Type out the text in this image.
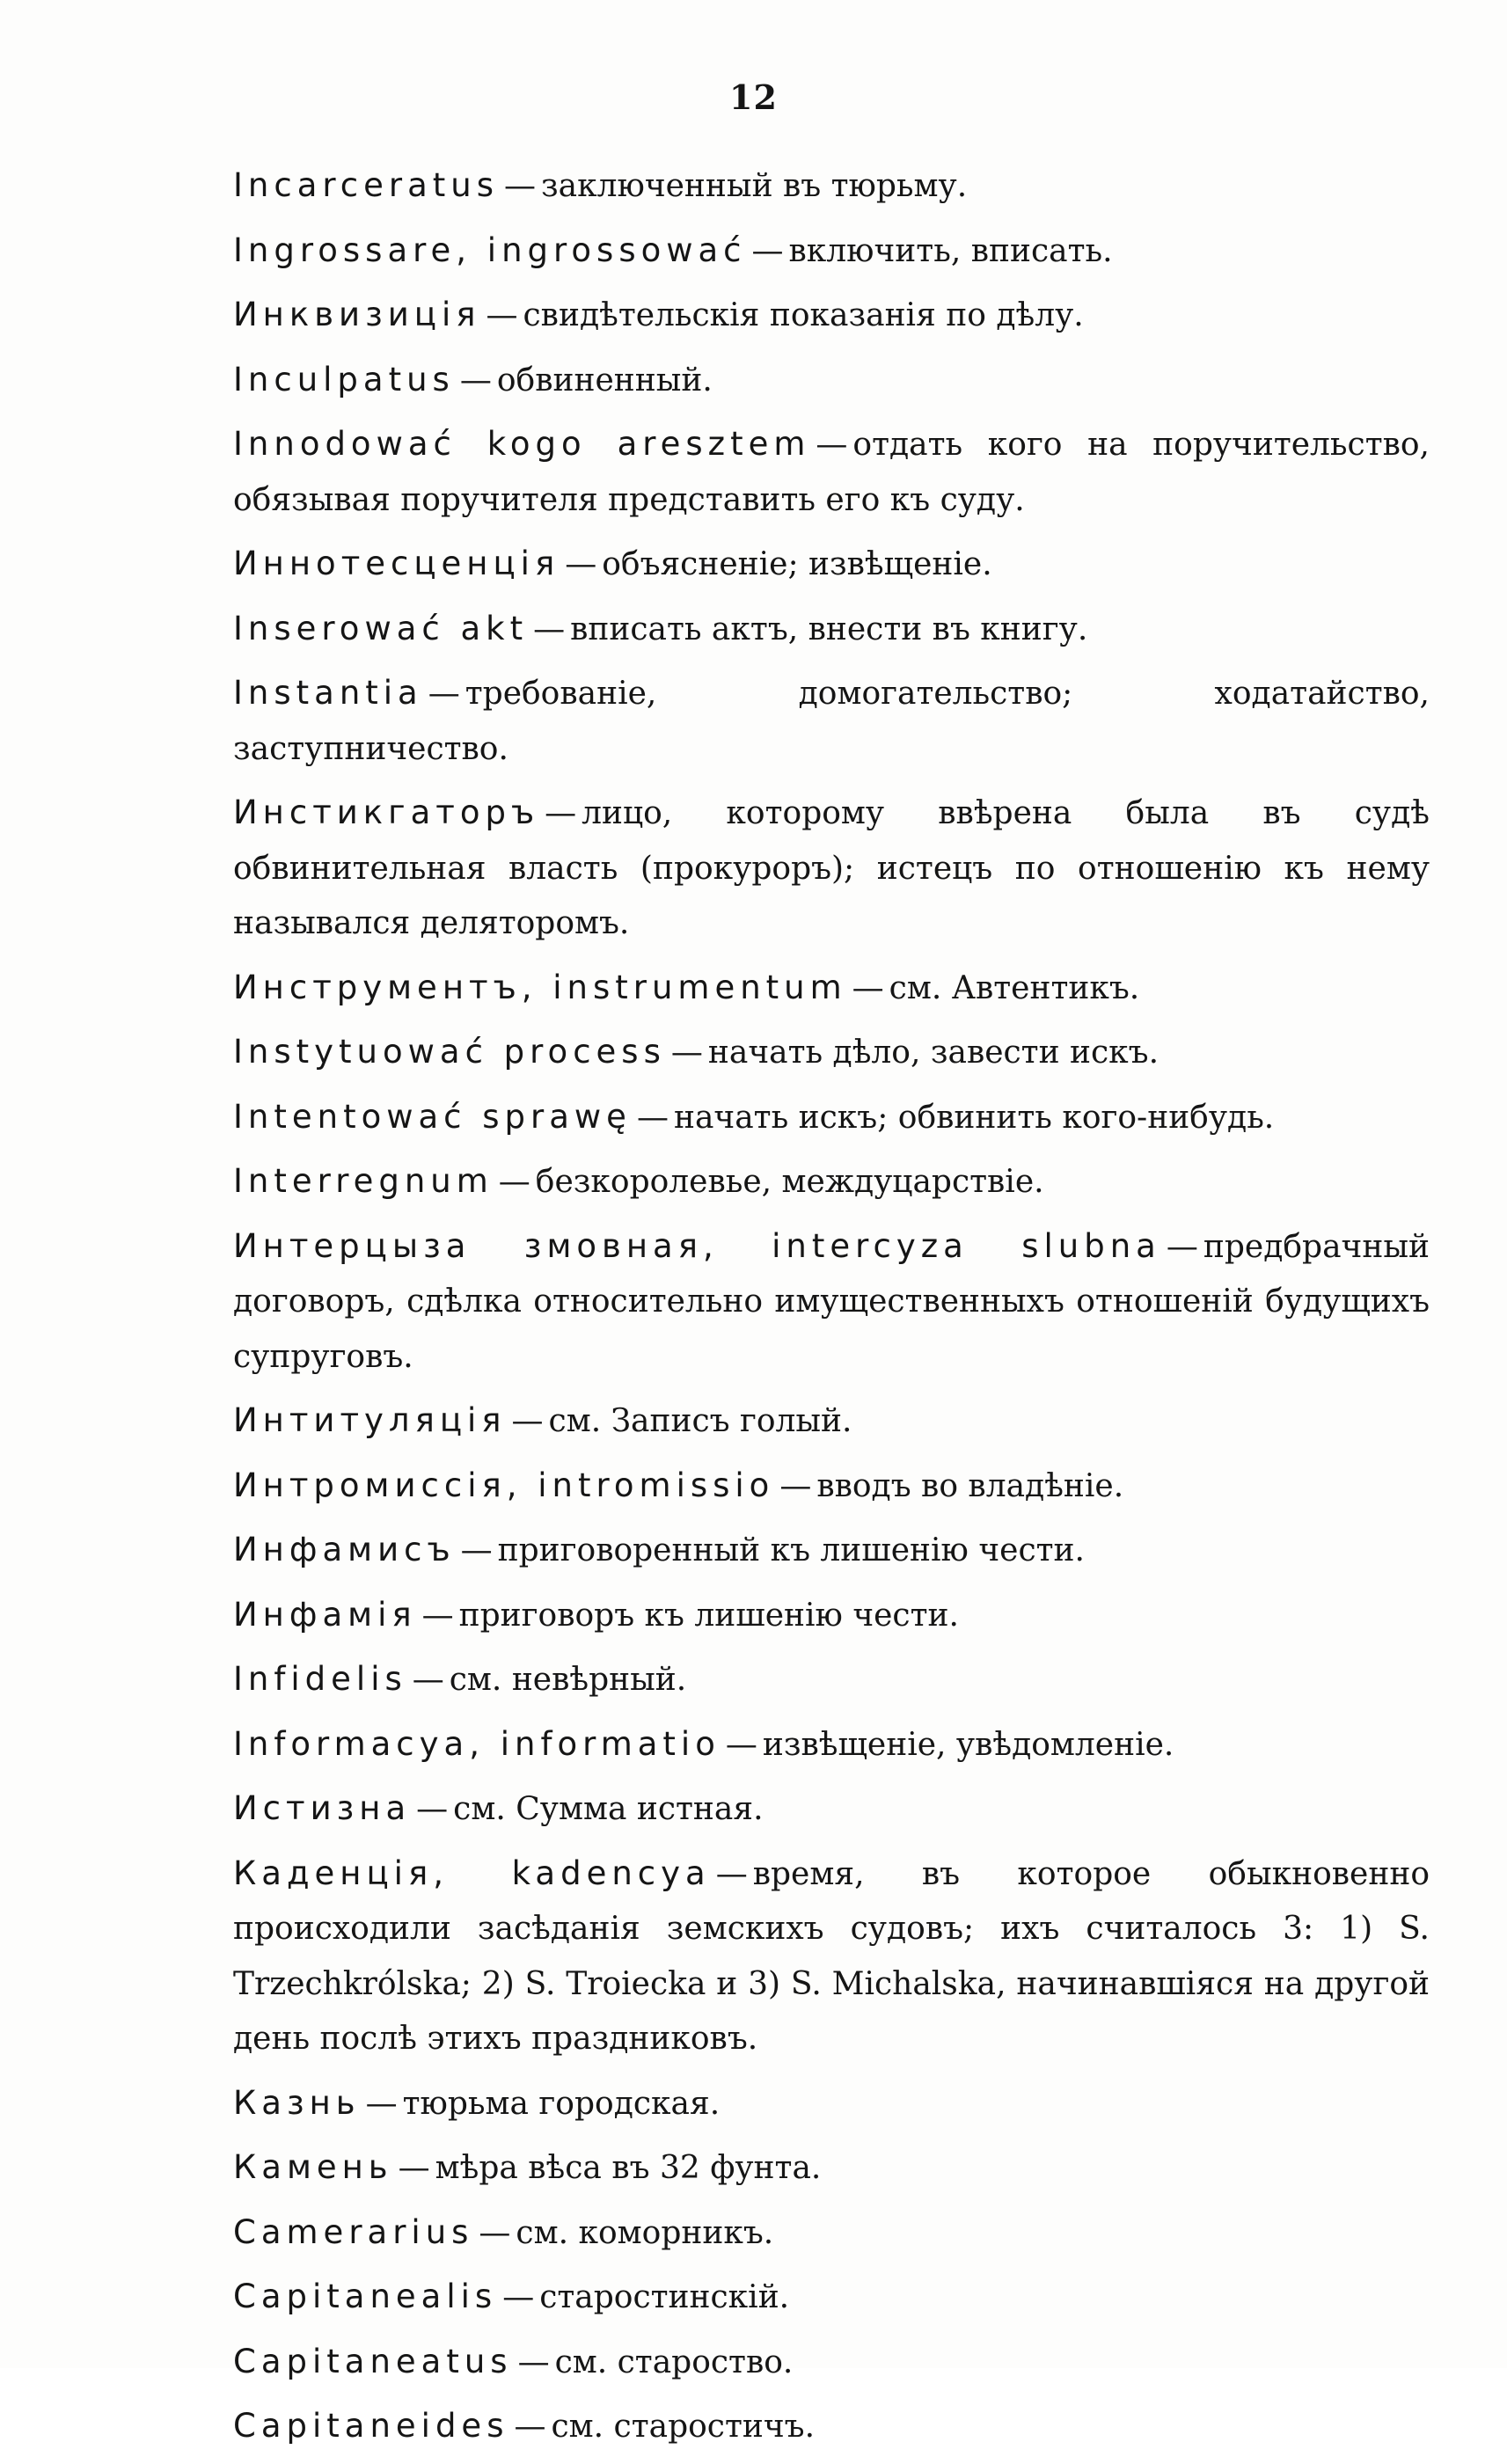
12

Incarceratus — заключенный въ тюрьму.

Ingrossare, ingrossować — включить, вписать.

Инквизиція — свидѣтельскія показанія по дѣлу.

Inculpatus — обвиненный.

Innodować kogo aresztem — отдать кого на поручительство, обязывая поручителя представить его къ суду.

Иннотесценція — объясненіе; извѣщеніе.

Inserować akt — вписать актъ, внести въ книгу.

Instantia — требованіе, домогательство; ходатайство, заступничество.

Инстикгаторъ — лицо, которому ввѣрена была въ судѣ обвинительная власть (прокуроръ); истецъ по отношенію къ нему назывался деляторомъ.

Инструментъ, instrumentum — см. Автентикъ.

Instytuować process — начать дѣло, завести искъ.

Intentować sprawę — начать искъ; обвинить кого-нибудь.

Interregnum — безкоролевье, междуцарствіе.

Интерцыза змовная, intercyza slubna — предбрачный договоръ, сдѣлка относительно имущественныхъ отношеній будущихъ супруговъ.

Интитуляція — см. Записъ голый.

Интромиссія, intromissio — вводъ во владѣніе.

Инфамисъ — приговоренный къ лишенію чести.

Инфамія — приговоръ къ лишенію чести.

Infidelis — см. невѣрный.

Informacya, informatio — извѣщеніе, увѣдомленіе.

Истизна — см. Сумма истная.

Каденція, kadencya — время, въ которое обыкновенно происходили засѣданія земскихъ судовъ; ихъ считалось 3: 1) S. Trzechkrólska; 2) S. Troiecka и 3) S. Michalska, начинавшіяся на другой день послѣ этихъ праздниковъ.

Казнь — тюрьма городская.

Камень — мѣра вѣса въ 32 фунта.

Camerarius — см. коморникъ.

Capitanealis — старостинскій.

Capitaneatus — см. староство.

Capitaneides — см. старостичъ.
